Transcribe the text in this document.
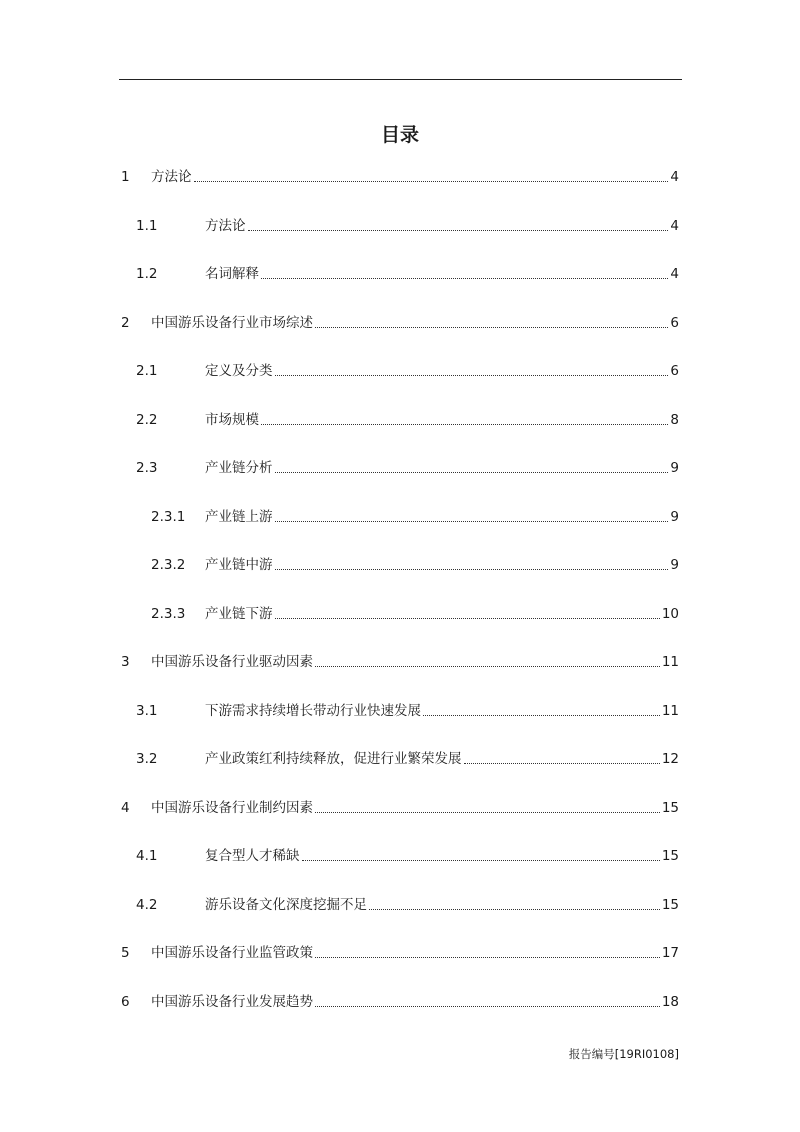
目录
1 方法论	4
1.1	方法论	4
1.2	名词解释	4
2 中国游乐设备行业市场综述	6
2.1	定义及分类	6
2.2	市场规模	8
2.3	产业链分析	9
2.3.1 产业链上游	9
2.3.2 产业链中游	9
2.3.3 产业链下游	10
3 中国游乐设备行业驱动因素	11
3.1	下游需求持续增长带动行业快速发展	11
3.2	产业政策红利持续释放，促进行业繁荣发展	12
4 中国游乐设备行业制约因素	15
4.1	复合型人才稀缺	15
4.2	游乐设备文化深度挖掘不足	15
5 中国游乐设备行业监管政策	17
6 中国游乐设备行业发展趋势	18
报告编号[19RI0108]
